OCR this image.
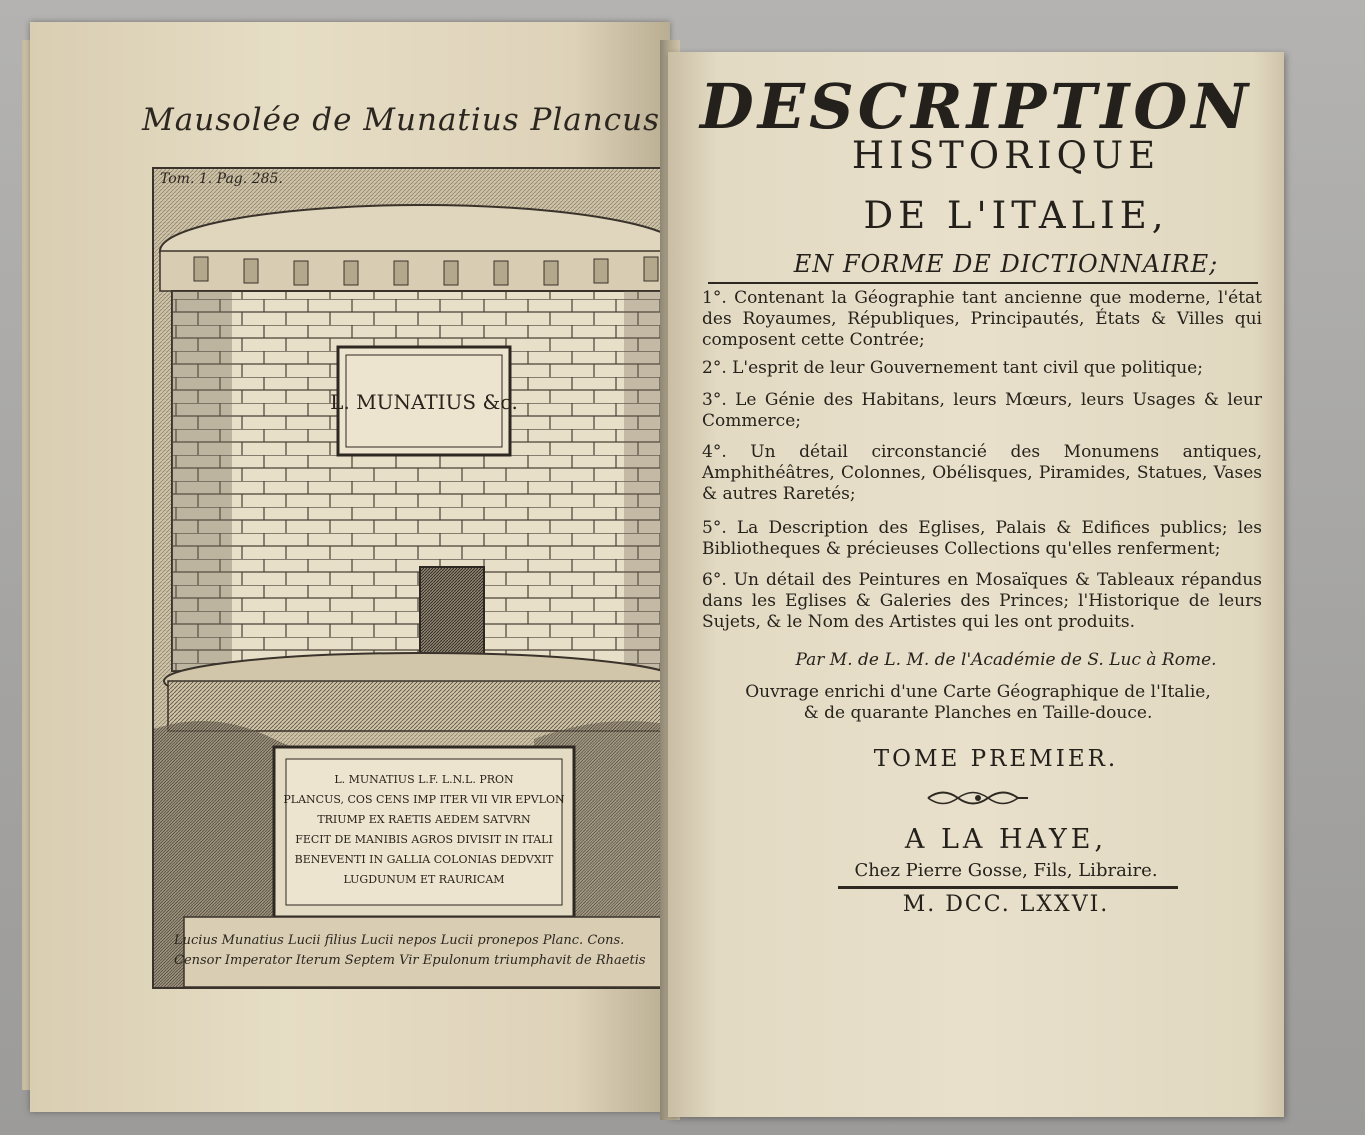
Mausolée de Munatius Plancus
L. MUNATIUS &c.
L. MUNATIUS L.F. L.N.L. PRON
PLANCUS, COS CENS IMP ITER VII VIR EPVLON
TRIUMP EX RAETIS AEDEM SATVRN
FECIT DE MANIBIS AGROS DIVISIT IN ITALI
BENEVENTI IN GALLIA COLONIAS DEDVXIT
LUGDUNUM ET RAURICAM
Tom. 1. Pag. 285.
Lucius Munatius Lucii filius Lucii nepos Lucii pronepos Planc. Cons.
Censor Imperator Iterum Septem Vir Epulonum triumphavit de Rhaetis
DESCRIPTION
HISTORIQUE
DE L'ITALIE,
EN FORME DE DICTIONNAIRE;
1°. Contenant la Géographie tant ancienne que moderne, l'état des Royaumes, Républiques, Principautés, États & Villes qui composent cette Contrée;
2°. L'esprit de leur Gouvernement tant civil que politique;
3°. Le Génie des Habitans, leurs Mœurs, leurs Usages & leur Commerce;
4°. Un détail circonstancié des Monumens antiques, Amphithéâtres, Colonnes, Obélisques, Piramides, Statues, Vases & autres Raretés;
5°. La Description des Eglises, Palais & Edifices publics; les Bibliotheques & précieuses Collections qu'elles renferment;
6°. Un détail des Peintures en Mosaïques & Tableaux répandus dans les Eglises & Galeries des Princes; l'Historique de leurs Sujets, & le Nom des Artistes qui les ont produits.
Par M. de L. M. de l'Académie de S. Luc à Rome.
Ouvrage enrichi d'une Carte Géographique de l'Italie,
& de quarante Planches en Taille-douce.
TOME PREMIER.
A LA HAYE,
Chez Pierre Gosse, Fils, Libraire.
M. DCC. LXXVI.
